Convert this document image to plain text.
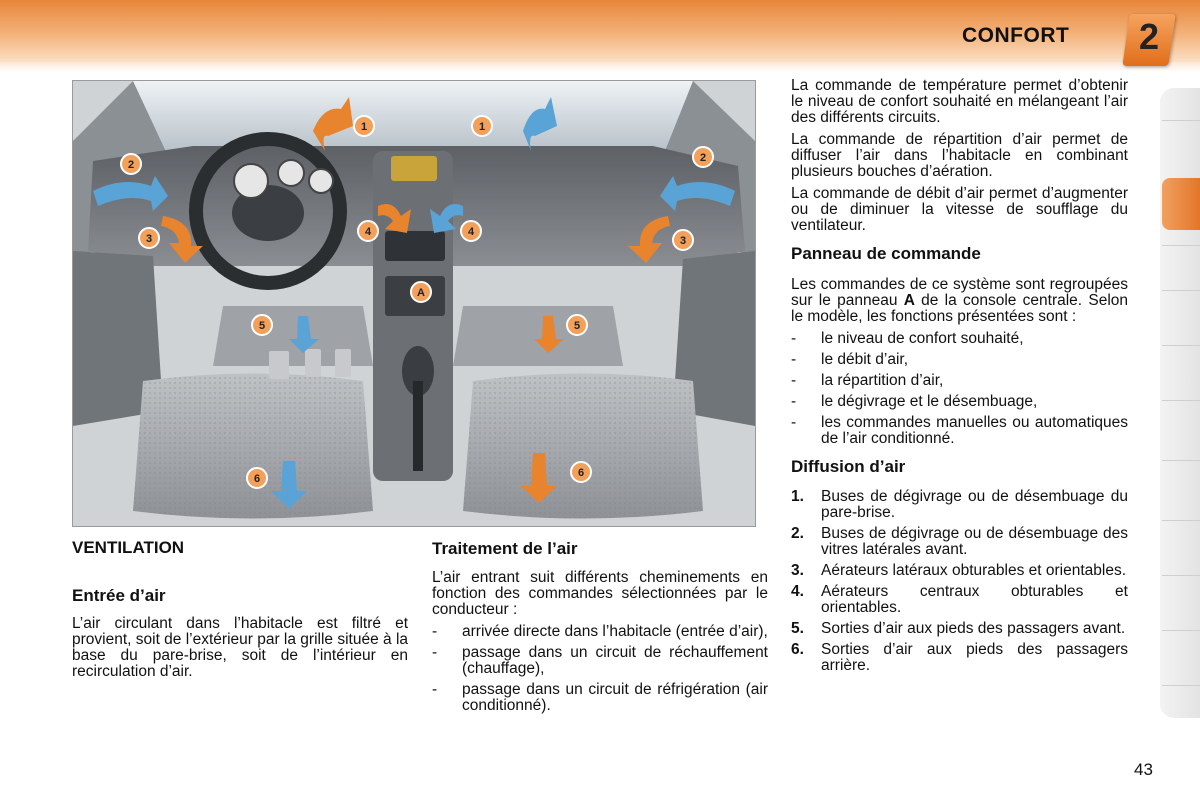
CONFORT	2
1	1
2
2
3	3
4	4
A
5	5
6	6
VENTILATION
Entrée d’air

L’air circulant dans l’habitacle est filtré et provient, soit de l’extérieur par la grille située à la base du pare-brise, soit de l’intérieur en recirculation d’air.

Traitement de l’air

L’air entrant suit différents cheminements en fonction des commandes sélectionnées par le conducteur :

- arrivée directe dans l’habitacle (entrée d’air),
- passage dans un circuit de réchauffement (chauffage),
- passage dans un circuit de réfrigération (air conditionné).

La commande de température permet d’obtenir le niveau de confort souhaité en mélangeant l’air des différents circuits.

La commande de répartition d’air permet de diffuser l’air dans l’habitacle en combinant plusieurs bouches d’aération.

La commande de débit d’air permet d’augmenter ou de diminuer la vitesse de soufflage du ventilateur.

Panneau de commande

Les commandes de ce système sont regroupées sur le panneau A de la console centrale. Selon le modèle, les fonctions présentées sont :

- le niveau de confort souhaité,
- le débit d’air,
- la répartition d’air,
- le dégivrage et le désembuage,
- les commandes manuelles ou automatiques de l’air conditionné.
Diffusion d’air
1. Buses de dégivrage ou de désembuage du pare-brise.
2. Buses de dégivrage ou de désembuage des vitres latérales avant.
3. Aérateurs latéraux obturables et orientables.
4. Aérateurs centraux obturables et orientables.
5. Sorties d’air aux pieds des passagers avant.
6. Sorties d’air aux pieds des passagers arrière.
43
